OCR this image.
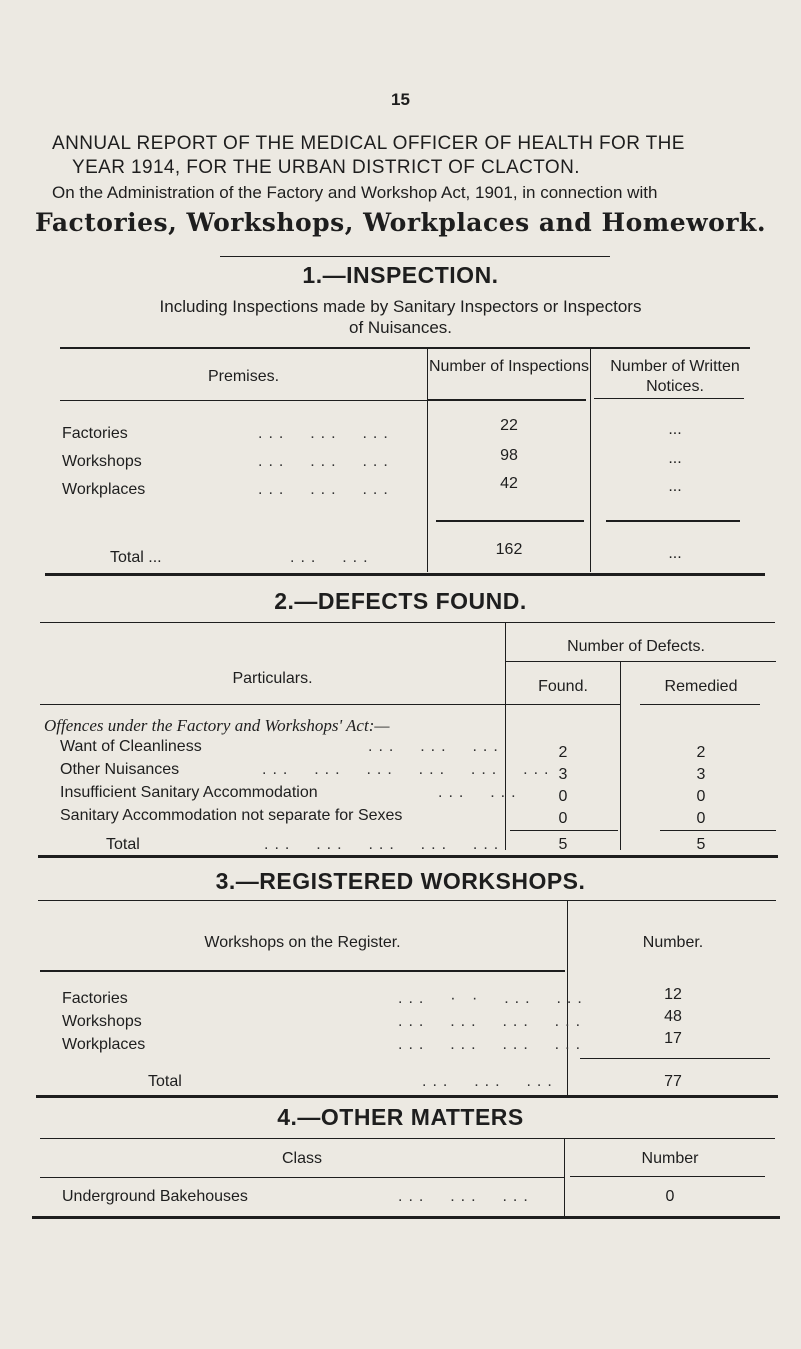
15
ANNUAL REPORT OF THE MEDICAL OFFICER OF HEALTH FOR THE
YEAR 1914, FOR THE URBAN DISTRICT OF CLACTON.
On the Administration of the Factory and Workshop Act, 1901, in connection with
Factories, Workshops, Workplaces and Homework.
1.—INSPECTION.
Including Inspections made by Sanitary Inspectors or Inspectors
of Nuisances.
Premises.
Number of Inspections	Number of Written Notices.
Factories	...  ...  ...	22	...
Workshops	...  ...  ...	98	...
Workplaces	...  ...  ...	42	...
Total ...	...  ...	162	...
2.—DEFECTS FOUND.
Particulars.
Number of Defects.
Found.	Remedied
Offences under the Factory and Workshops' Act:—
Want of Cleanliness	...  ...  ...	2	2
Other Nuisances	...  ...  ...  ...  ...  ... 3	3
Insufficient Sanitary Accommodation	...  ...	0	0
Sanitary Accommodation not separate for Sexes	0	0
Total	...  ...  ...  ...  ...	5	5
3.—REGISTERED WORKSHOPS.
Workshops on the Register.	Number.
Factories	...  · ·  ...  ...	12
Workshops	...  ...  ...  ...	48
Workplaces	...  ...  ...  ...	17
Total	...  ...  ...	77
4.—OTHER MATTERS
Class	Number
Underground Bakehouses	...  ...  ...	0
